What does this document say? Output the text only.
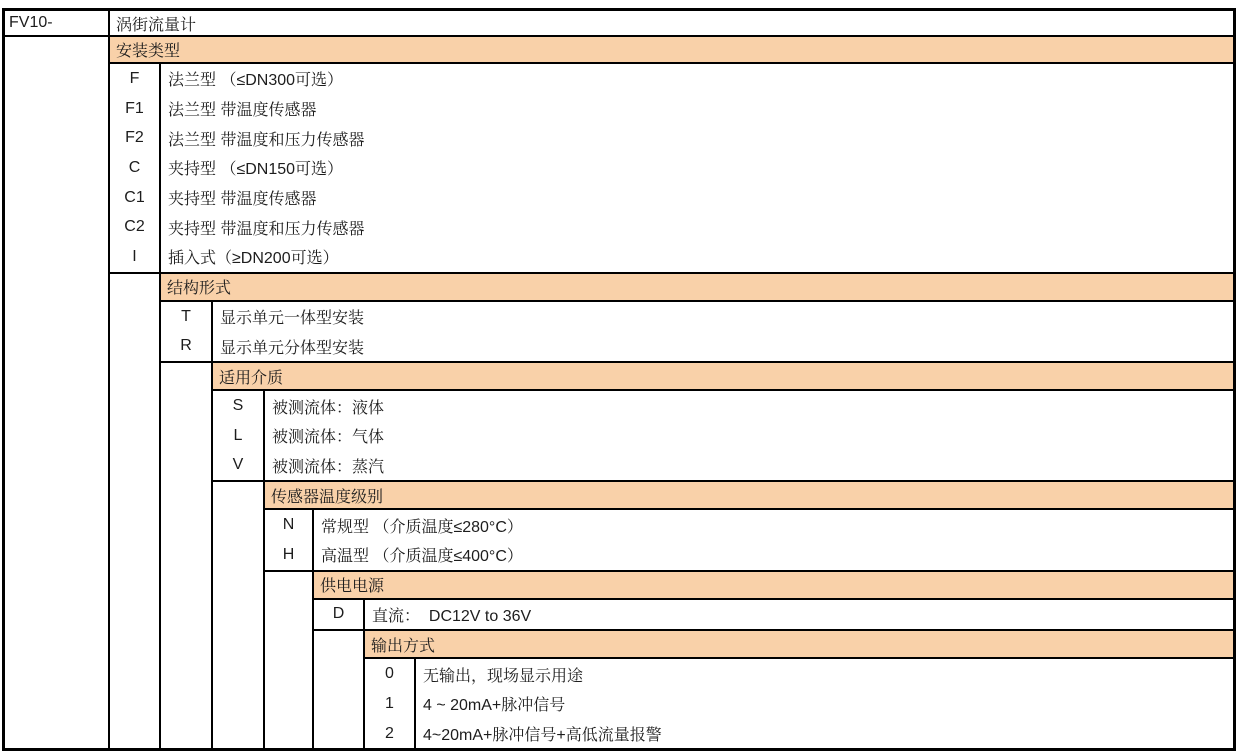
FV10-	涡街流量计
安装类型
F	法兰型 （≤DN300可选）
F1	法兰型 带温度传感器
F2	法兰型 带温度和压力传感器
C	夹持型 （≤DN150可选）
C1	夹持型 带温度传感器
C2	夹持型 带温度和压力传感器
I	插入式（≥DN200可选）
结构形式
T	显示单元一体型安装
R	显示单元分体型安装
适用介质
S	被测流体：液体
L	被测流体：气体
V	被测流体：蒸汽
传感器温度级别
N	常规型 （介质温度≤280°C）
H	高温型 （介质温度≤400°C）
供电电源
D	直流：  DC12V to 36V
输出方式
0	无输出，现场显示用途
1	4 ~ 20mA+脉冲信号
2	4~20mA+脉冲信号+高低流量报警
